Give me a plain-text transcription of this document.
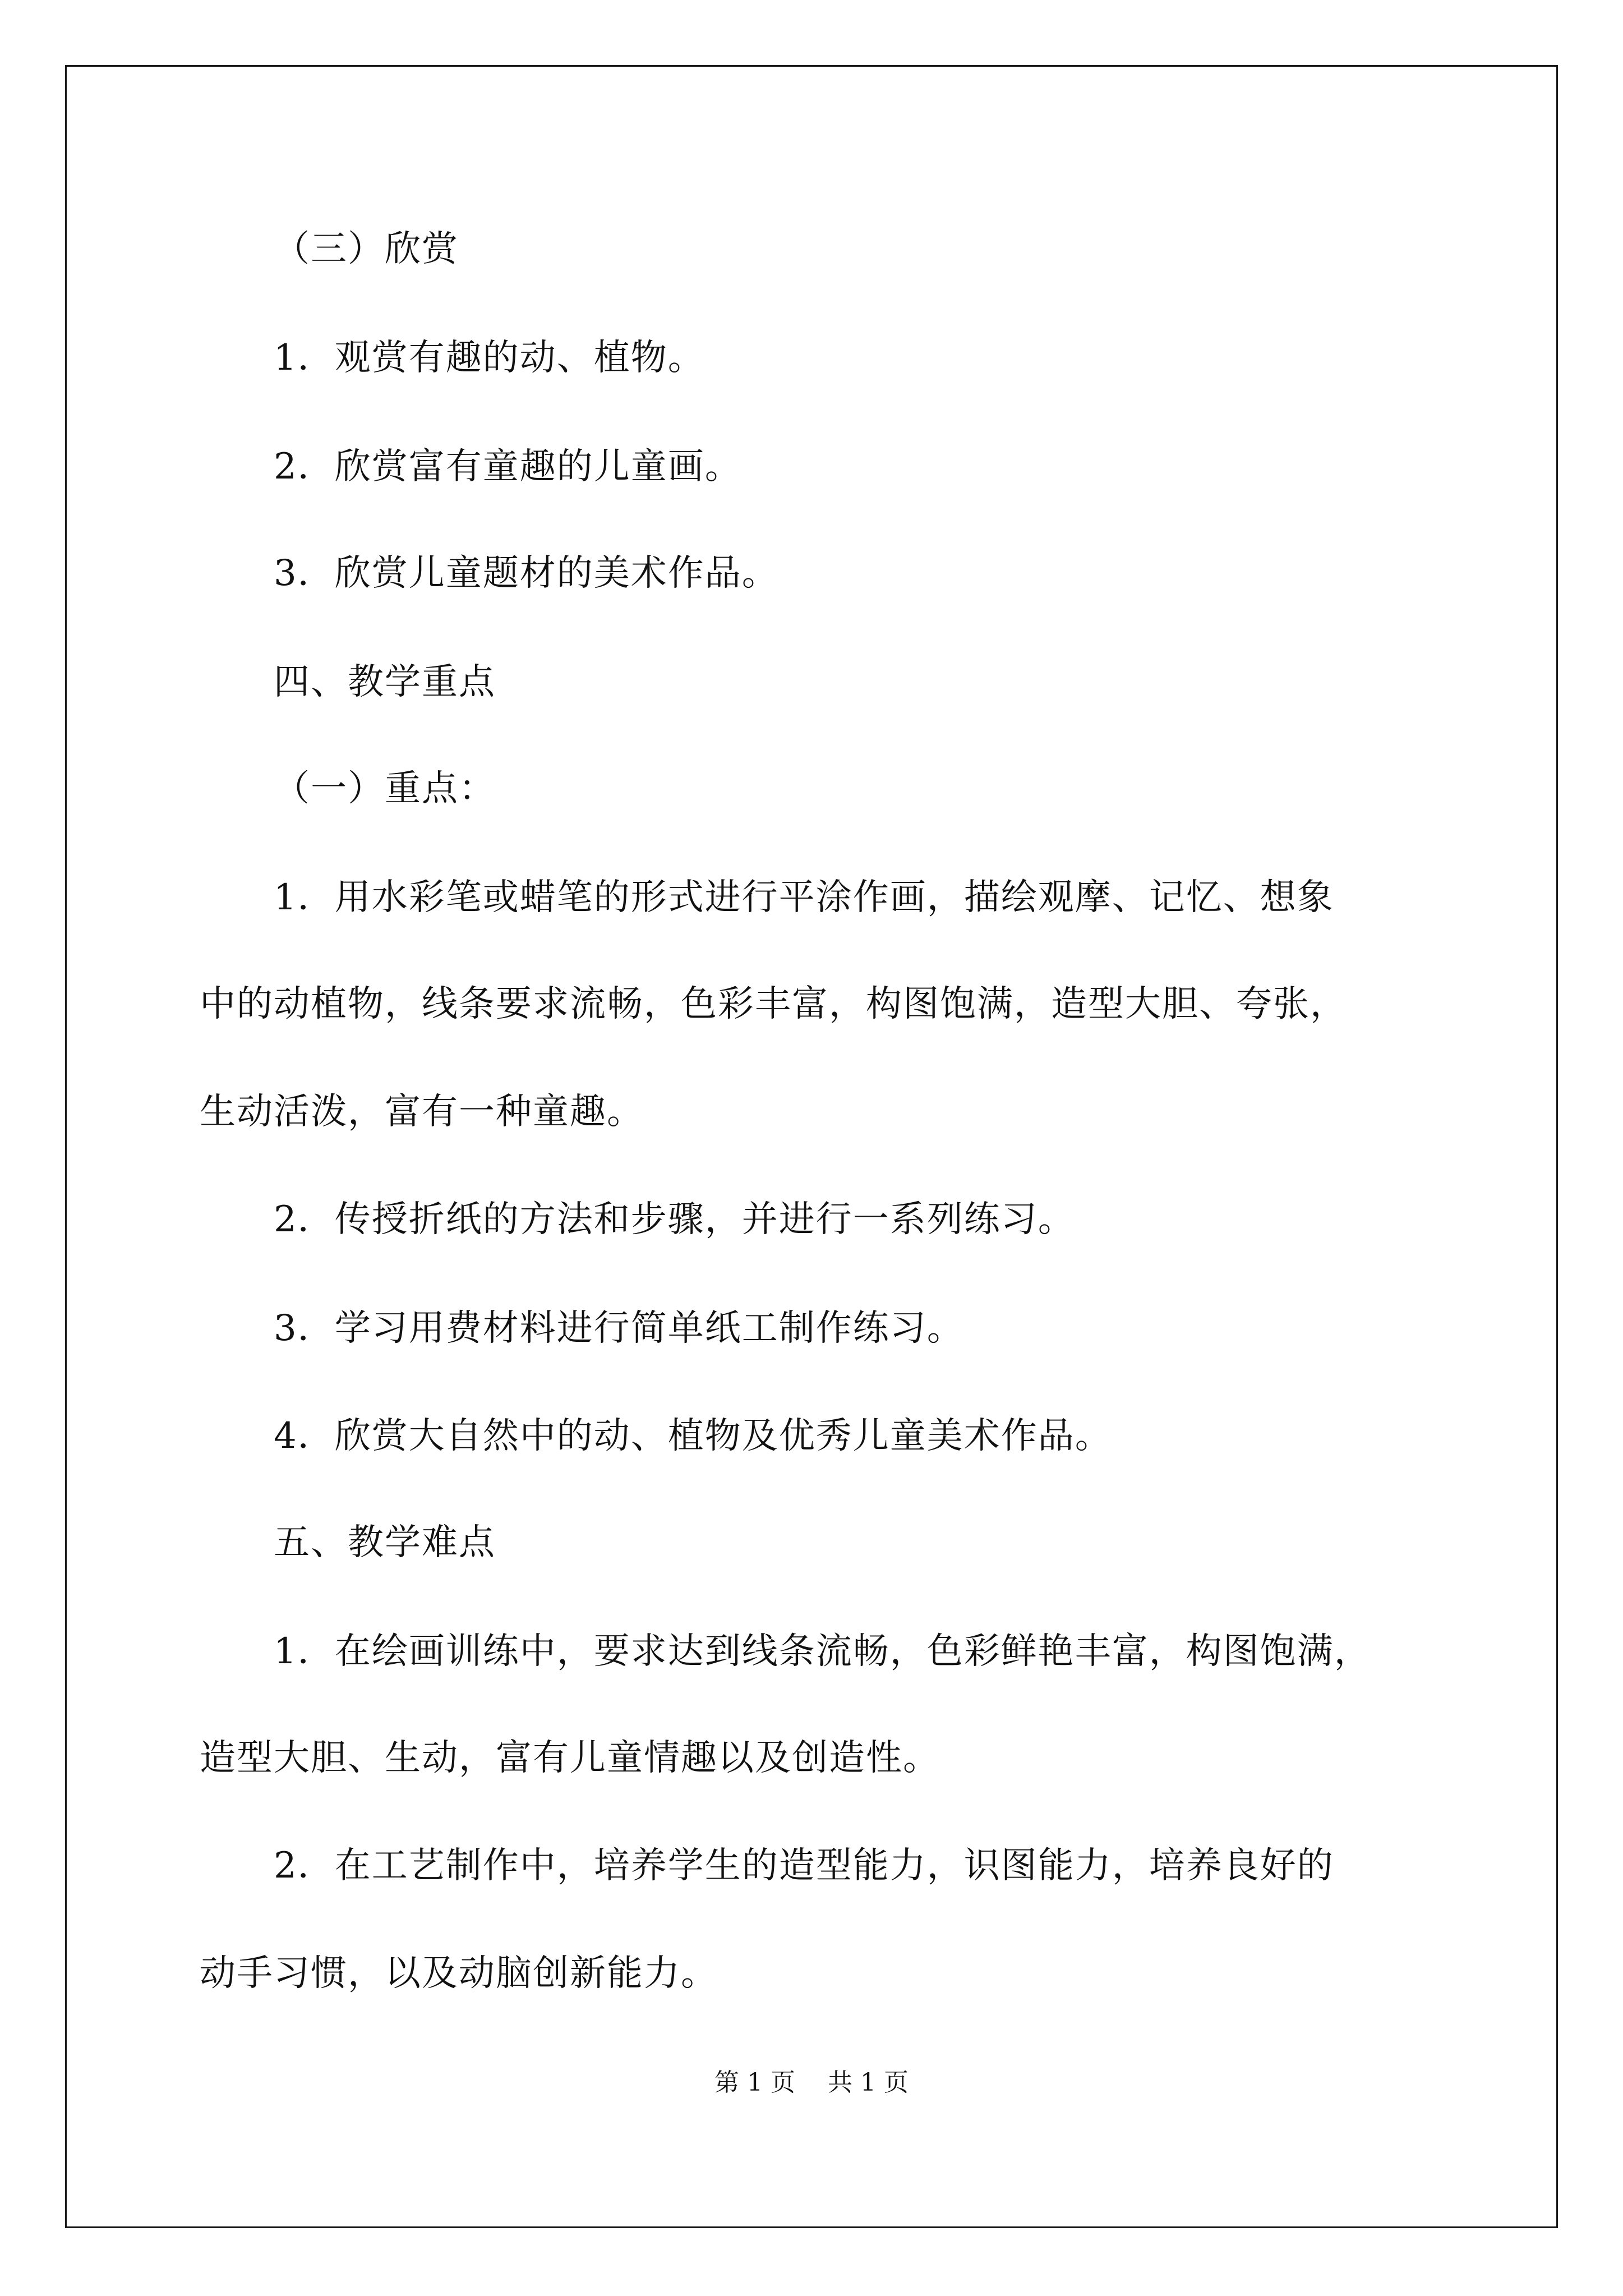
（三）欣赏

1．观赏有趣的动、植物。

2．欣赏富有童趣的儿童画。

3．欣赏儿童题材的美术作品。

四、教学重点

（一）重点：

1．用水彩笔或蜡笔的形式进行平涂作画，描绘观摩、记忆、想象

中的动植物，线条要求流畅，色彩丰富，构图饱满，造型大胆、夸张，

生动活泼，富有一种童趣。

2．传授折纸的方法和步骤，并进行一系列练习。

3．学习用费材料进行简单纸工制作练习。

4．欣赏大自然中的动、植物及优秀儿童美术作品。

五、教学难点

1．在绘画训练中，要求达到线条流畅，色彩鲜艳丰富，构图饱满，

造型大胆、生动，富有儿童情趣以及创造性。

2．在工艺制作中，培养学生的造型能力，识图能力，培养良好的

动手习惯，以及动脑创新能力。

第 1 页　 共 1 页
